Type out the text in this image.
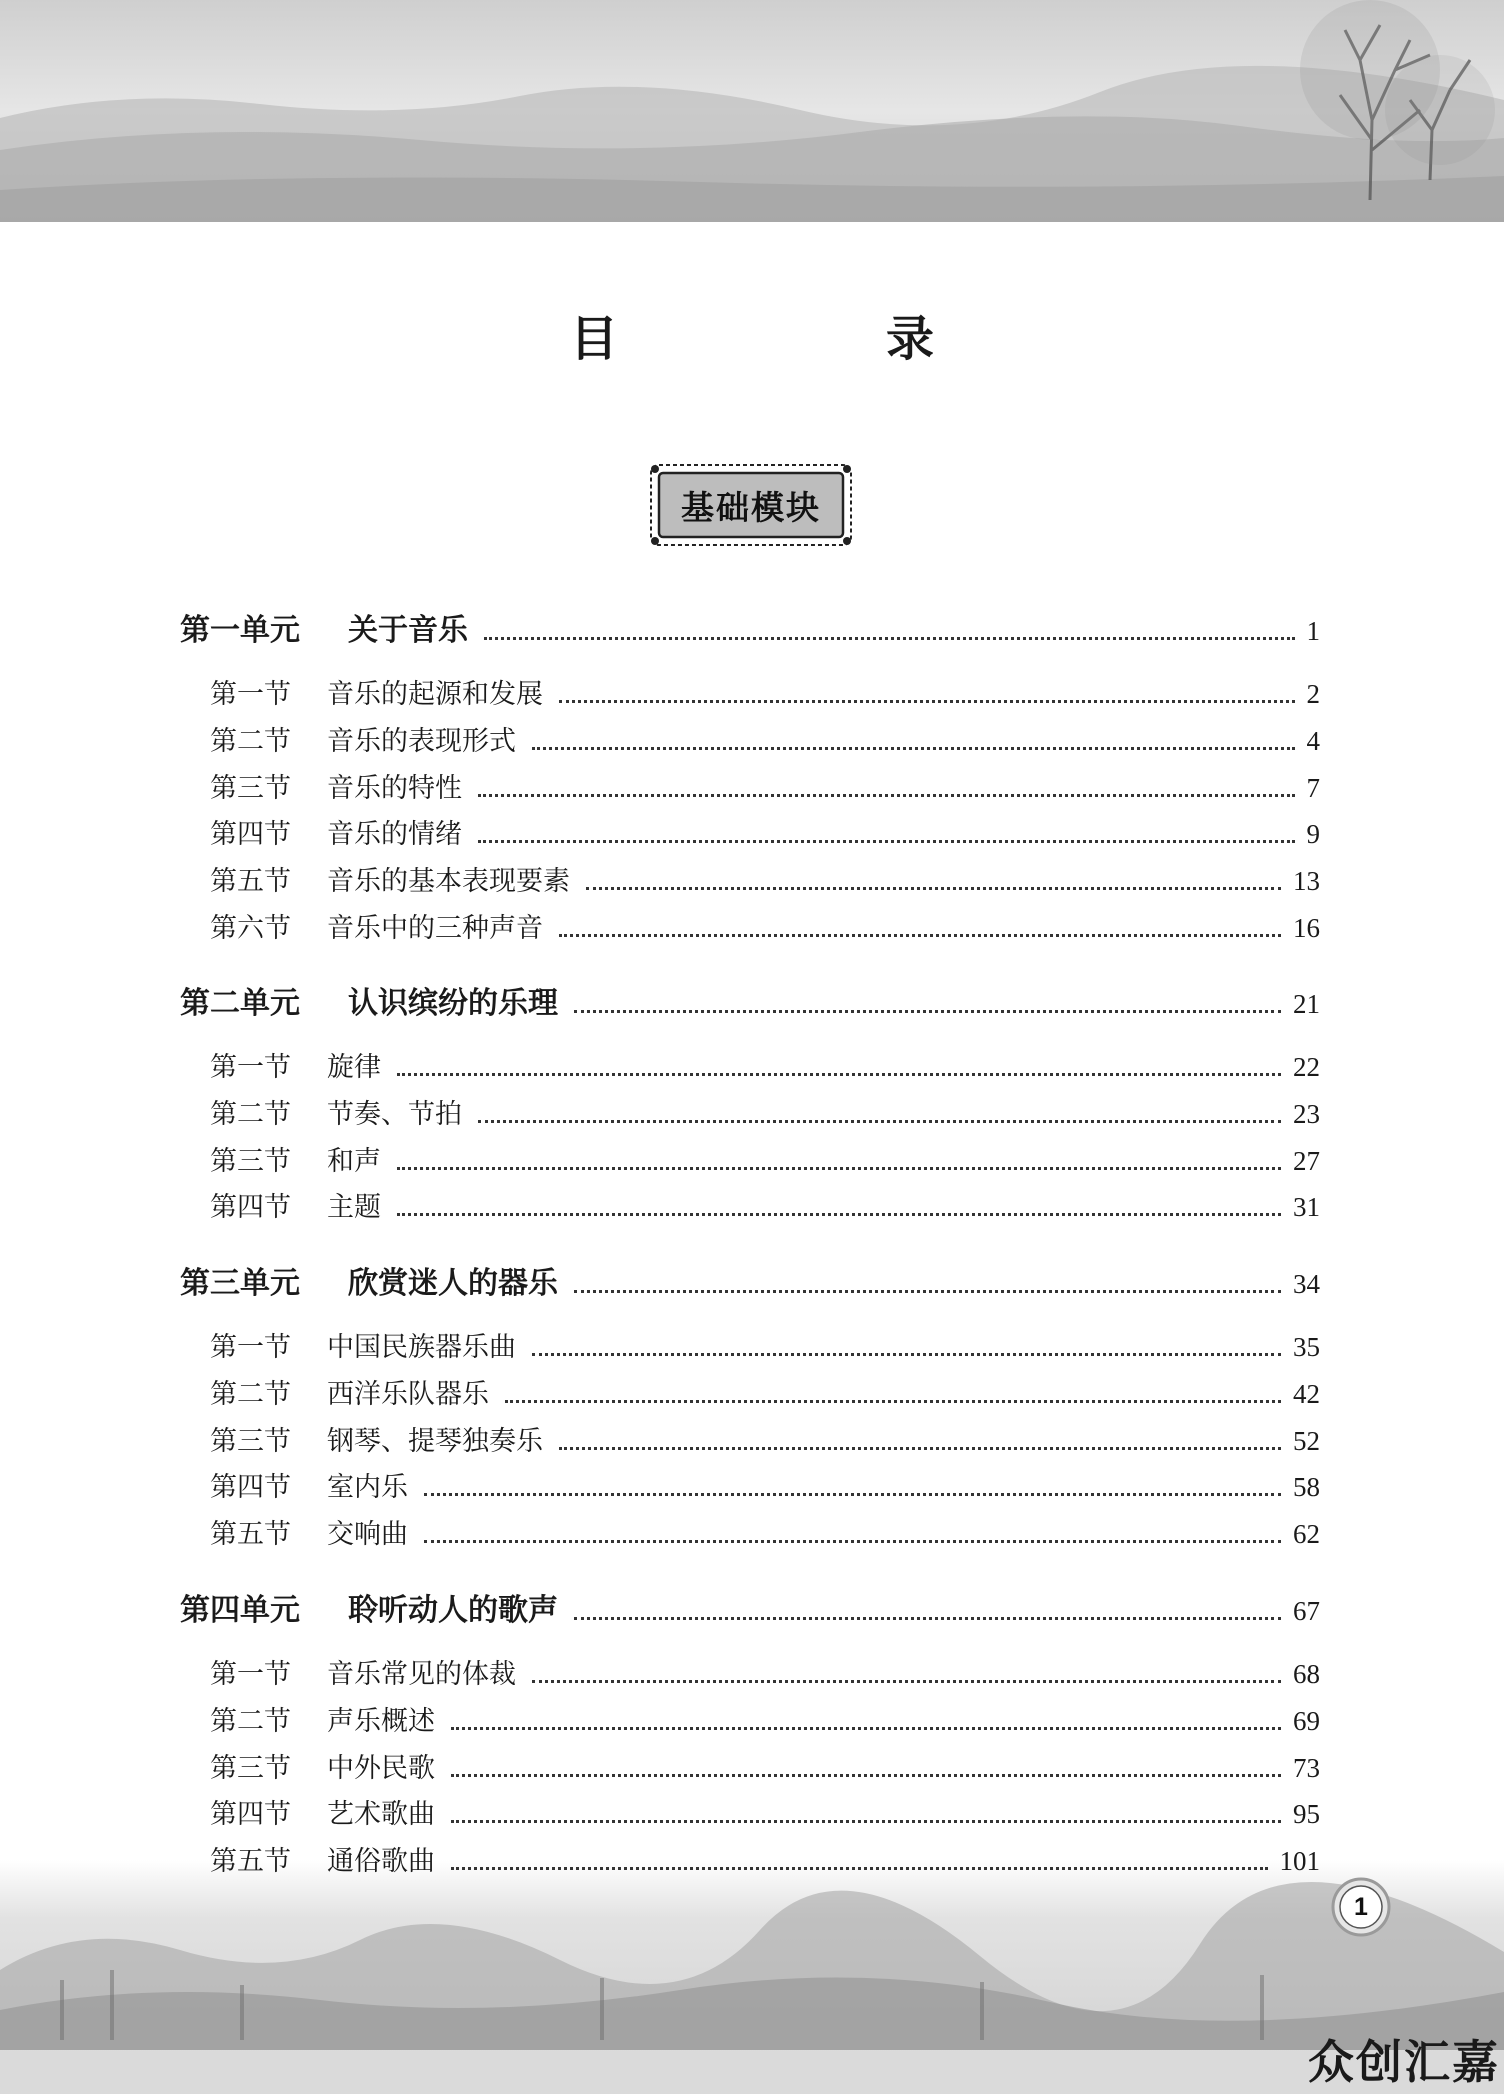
目　录
基础模块
第一单元	关于音乐	1
第一节	音乐的起源和发展	2
第二节	音乐的表现形式	4
第三节	音乐的特性	7
第四节	音乐的情绪	9
第五节	音乐的基本表现要素	13
第六节	音乐中的三种声音	16
第二单元	认识缤纷的乐理	21
第一节	旋律	22
第二节	节奏、节拍	23
第三节	和声	27
第四节	主题	31
第三单元	欣赏迷人的器乐	34
第一节	中国民族器乐曲	35
第二节	西洋乐队器乐	42
第三节	钢琴、提琴独奏乐	52
第四节	室内乐	58
第五节	交响曲	62
第四单元	聆听动人的歌声	67
第一节	音乐常见的体裁	68
第二节	声乐概述	69
第三节	中外民歌	73
第四节	艺术歌曲	95
第五节	通俗歌曲	101
1
众创汇嘉
